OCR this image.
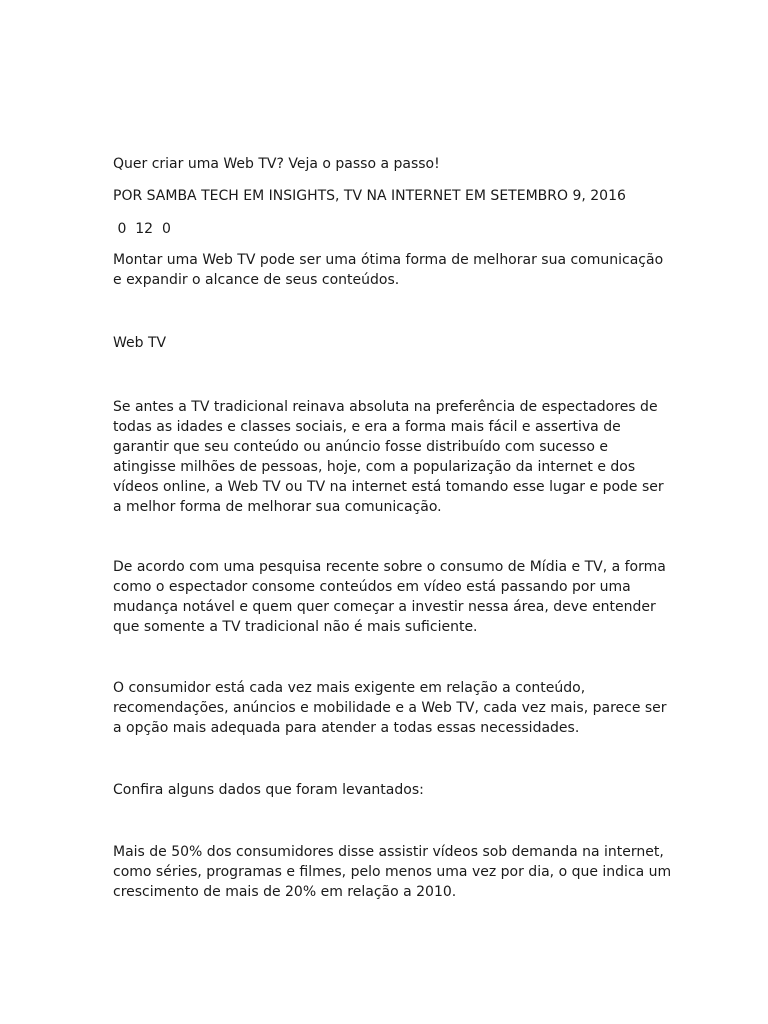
Quer criar uma Web TV? Veja o passo a passo!

POR SAMBA TECH EM INSIGHTS, TV NA INTERNET EM SETEMBRO 9, 2016

0  12  0

Montar uma Web TV pode ser uma ótima forma de melhorar sua comunicação e expandir o alcance de seus conteúdos.

Web TV

Se antes a TV tradicional reinava absoluta na preferência de espectadores de todas as idades e classes sociais, e era a forma mais fácil e assertiva de garantir que seu conteúdo ou anúncio fosse distribuído com sucesso e atingisse milhões de pessoas, hoje, com a popularização da internet e dos vídeos online, a Web TV ou TV na internet está tomando esse lugar e pode ser a melhor forma de melhorar sua comunicação.

De acordo com uma pesquisa recente sobre o consumo de Mídia e TV, a forma como o espectador consome conteúdos em vídeo está passando por uma mudança notável e quem quer começar a investir nessa área, deve entender que somente a TV tradicional não é mais suficiente.

O consumidor está cada vez mais exigente em relação a conteúdo, recomendações, anúncios e mobilidade e a Web TV, cada vez mais, parece ser a opção mais adequada para atender a todas essas necessidades.

Confira alguns dados que foram levantados:

Mais de 50% dos consumidores disse assistir vídeos sob demanda na internet, como séries, programas e filmes, pelo menos uma vez por dia, o que indica um crescimento de mais de 20% em relação a 2010.
